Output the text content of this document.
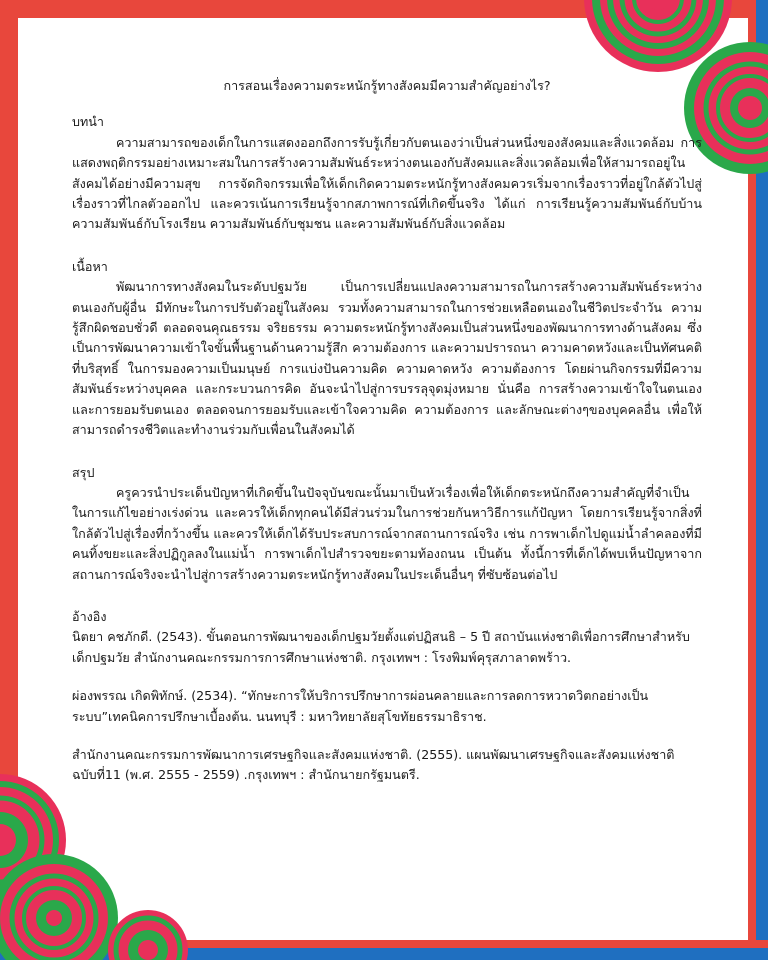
การสอนเรื่องความตระหนักรู้ทางสังคมมีความสำคัญอย่างไร?

บทนำ

ความสามารถของเด็กในการแสดงออกถึงการรับรู้เกี่ยวกับตนเองว่าเป็นส่วนหนึ่งของสังคมและสิ่งแวดล้อม การแสดงพฤติกรรมอย่างเหมาะสมในการสร้างความสัมพันธ์ระหว่างตนเองกับสังคมและสิ่งแวดล้อมเพื่อให้สามารถอยู่ในสังคมได้อย่างมีความสุข การจัดกิจกรรมเพื่อให้เด็กเกิดความตระหนักรู้ทางสังคมควรเริ่มจากเรื่องราวที่อยู่ใกล้ตัวไปสู่เรื่องราวที่ไกลตัวออกไป และควรเน้นการเรียนรู้จากสภาพการณ์ที่เกิดขึ้นจริง ได้แก่ การเรียนรู้ความสัมพันธ์กับบ้าน ความสัมพันธ์กับโรงเรียน ความสัมพันธ์กับชุมชน และความสัมพันธ์กับสิ่งแวดล้อม

เนื้อหา

พัฒนาการทางสังคมในระดับปฐมวัย เป็นการเปลี่ยนแปลงความสามารถในการสร้างความสัมพันธ์ระหว่างตนเองกับผู้อื่น มีทักษะในการปรับตัวอยู่ในสังคม รวมทั้งความสามารถในการช่วยเหลือตนเองในชีวิตประจำวัน ความรู้สึกผิดชอบชั่วดี ตลอดจนคุณธรรม จริยธรรม ความตระหนักรู้ทางสังคมเป็นส่วนหนึ่งของพัฒนาการทางด้านสังคม ซึ่งเป็นการพัฒนาความเข้าใจขั้นพื้นฐานด้านความรู้สึก ความต้องการ และความปรารถนา ความคาดหวังและเป็นทัศนคติที่บริสุทธิ์ ในการมองความเป็นมนุษย์ การแบ่งปันความคิด ความคาดหวัง ความต้องการ โดยผ่านกิจกรรมที่มีความสัมพันธ์ระหว่างบุคคล และกระบวนการคิด อันจะนำไปสู่การบรรลุจุดมุ่งหมาย นั่นคือ การสร้างความเข้าใจในตนเอง และการยอมรับตนเอง ตลอดจนการยอมรับและเข้าใจความคิด ความต้องการ และลักษณะต่างๆของบุคคลอื่น เพื่อให้สามารถดำรงชีวิตและทำงานร่วมกับเพื่อนในสังคมได้

สรุป

ครูควรนำประเด็นปัญหาที่เกิดขึ้นในปัจจุบันขณะนั้นมาเป็นหัวเรื่องเพื่อให้เด็กตระหนักถึงความสำคัญที่จำเป็นในการแก้ไขอย่างเร่งด่วน และควรให้เด็กทุกคนได้มีส่วนร่วมในการช่วยกันหาวิธีการแก้ปัญหา โดยการเรียนรู้จากสิ่งที่ใกล้ตัวไปสู่เรื่องที่กว้างขึ้น และควรให้เด็กได้รับประสบการณ์จากสถานการณ์จริง เช่น การพาเด็กไปดูแม่น้ำลำคลองที่มีคนทิ้งขยะและสิ่งปฏิกูลลงในแม่น้ำ การพาเด็กไปสำรวจขยะตามท้องถนน เป็นต้น ทั้งนี้การที่เด็กได้พบเห็นปัญหาจากสถานการณ์จริงจะนำไปสู่การสร้างความตระหนักรู้ทางสังคมในประเด็นอื่นๆ ที่ซับซ้อนต่อไป

อ้างอิง

นิตยา คชภักดี. (2543). ขั้นตอนการพัฒนาของเด็กปฐมวัยตั้งแต่ปฏิสนธิ – 5 ปี สถาบันแห่งชาติเพื่อการศึกษาสำหรับเด็กปฐมวัย สำนักงานคณะกรรมการการศึกษาแห่งชาติ. กรุงเทพฯ : โรงพิมพ์คุรุสภาลาดพร้าว.

ผ่องพรรณ เกิดพิทักษ์. (2534). “ทักษะการให้บริการปรึกษาการผ่อนคลายและการลดการหวาดวิตกอย่างเป็นระบบ”เทคนิคการปรึกษาเบื้องต้น. นนทบุรี : มหาวิทยาลัยสุโขทัยธรรมาธิราช.

สำนักงานคณะกรรมการพัฒนาการเศรษฐกิจและสังคมแห่งชาติ. (2555). แผนพัฒนาเศรษฐกิจและสังคมแห่งชาติ ฉบับที่11 (พ.ศ. 2555 - 2559) .กรุงเทพฯ : สำนักนายกรัฐมนตรี.
